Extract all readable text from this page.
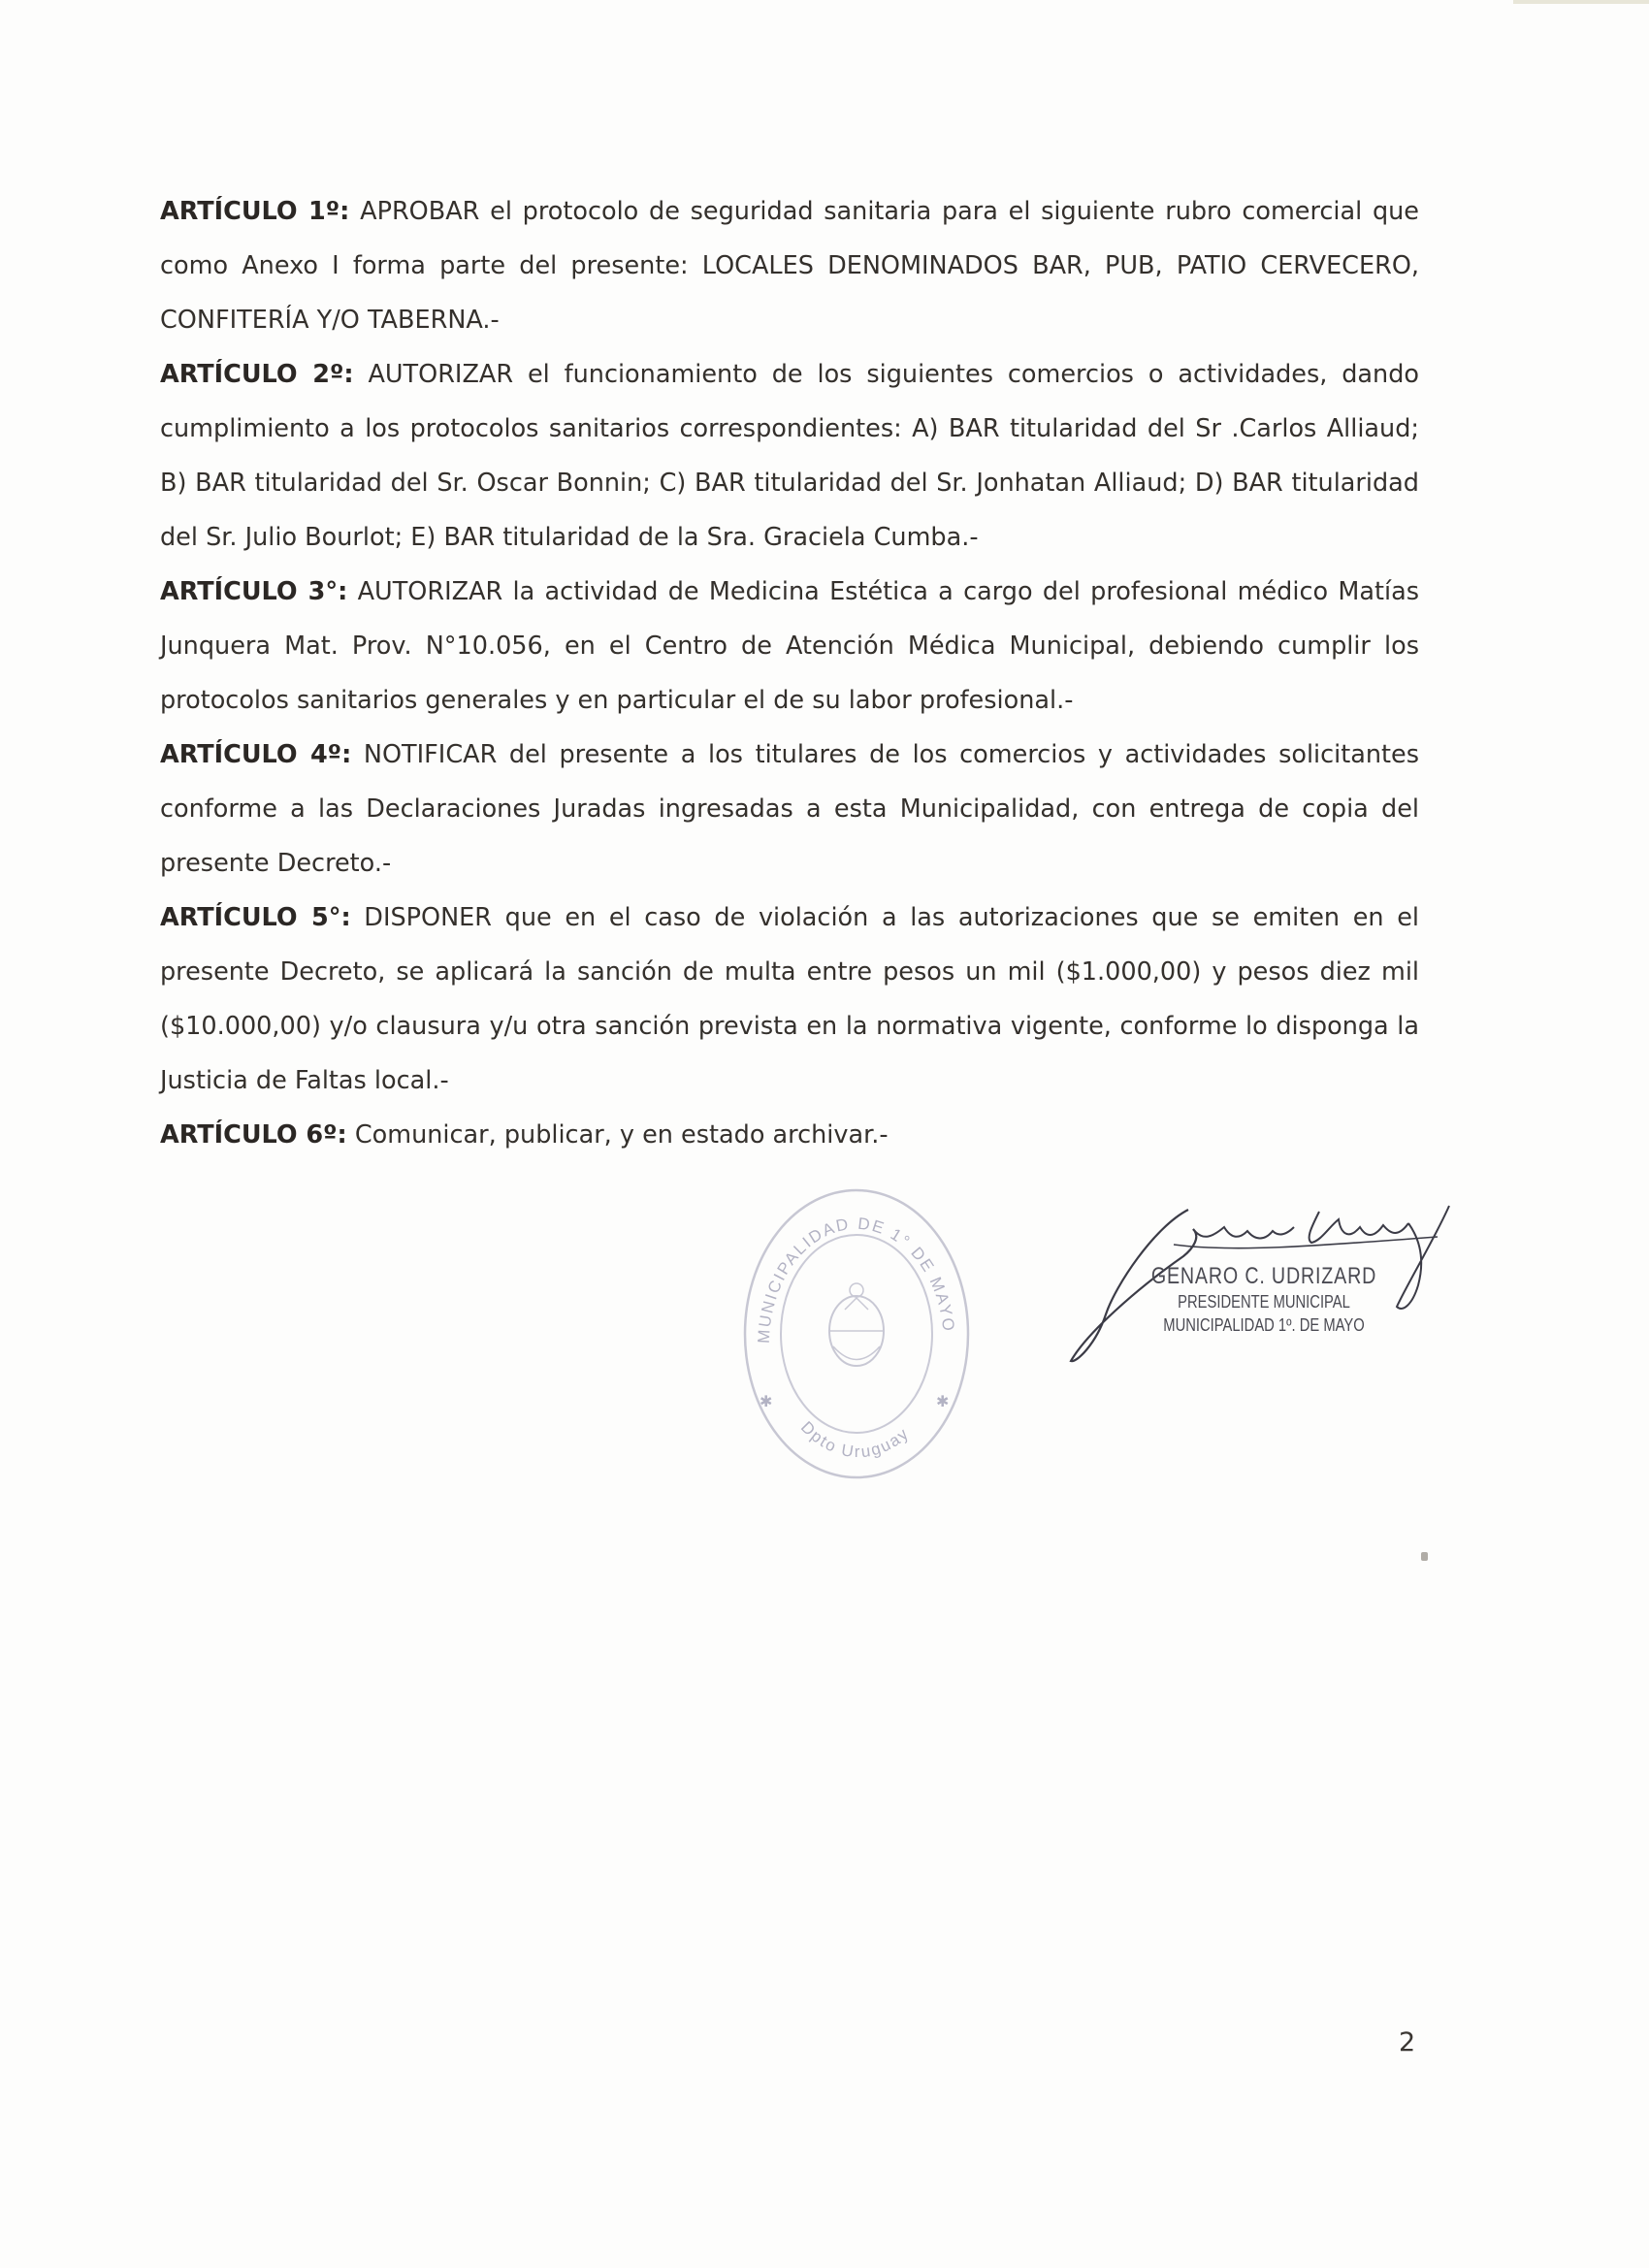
ARTÍCULO 1º: APROBAR el protocolo de seguridad sanitaria para el siguiente rubro comercial que como Anexo I forma parte del presente: LOCALES DENOMINADOS BAR, PUB, PATIO CERVECERO, CONFITERÍA Y/O TABERNA.-

ARTÍCULO 2º: AUTORIZAR el funcionamiento de los siguientes comercios o actividades, dando cumplimiento a los protocolos sanitarios correspondientes: A) BAR titularidad del Sr .Carlos Alliaud; B) BAR titularidad del Sr. Oscar Bonnin; C) BAR titularidad del Sr. Jonhatan Alliaud; D) BAR titularidad del Sr. Julio Bourlot; E) BAR titularidad de la Sra. Graciela Cumba.-

ARTÍCULO 3°: AUTORIZAR la actividad de Medicina Estética a cargo del profesional médico Matías Junquera Mat. Prov. N°10.056, en el Centro de Atención Médica Municipal, debiendo cumplir los protocolos sanitarios generales y en particular el de su labor profesional.-

ARTÍCULO 4º: NOTIFICAR del presente a los titulares de los comercios y actividades solicitantes conforme a las Declaraciones Juradas ingresadas a esta Municipalidad, con entrega de copia del presente Decreto.-

ARTÍCULO 5°: DISPONER que en el caso de violación a las autorizaciones que se emiten en el presente Decreto, se aplicará la sanción de multa entre pesos un mil ($1.000,00) y pesos diez mil ($10.000,00) y/o clausura y/u otra sanción prevista en la normativa vigente, conforme lo disponga la Justicia de Faltas local.-

ARTÍCULO 6º: Comunicar, publicar, y en estado archivar.-

MUNICIPALIDAD DE 1° DE MAYO
Dpto Uruguay
✱	✱
GENARO C. UDRIZARD
PRESIDENTE MUNICIPAL
MUNICIPALIDAD 1º. DE MAYO
2
